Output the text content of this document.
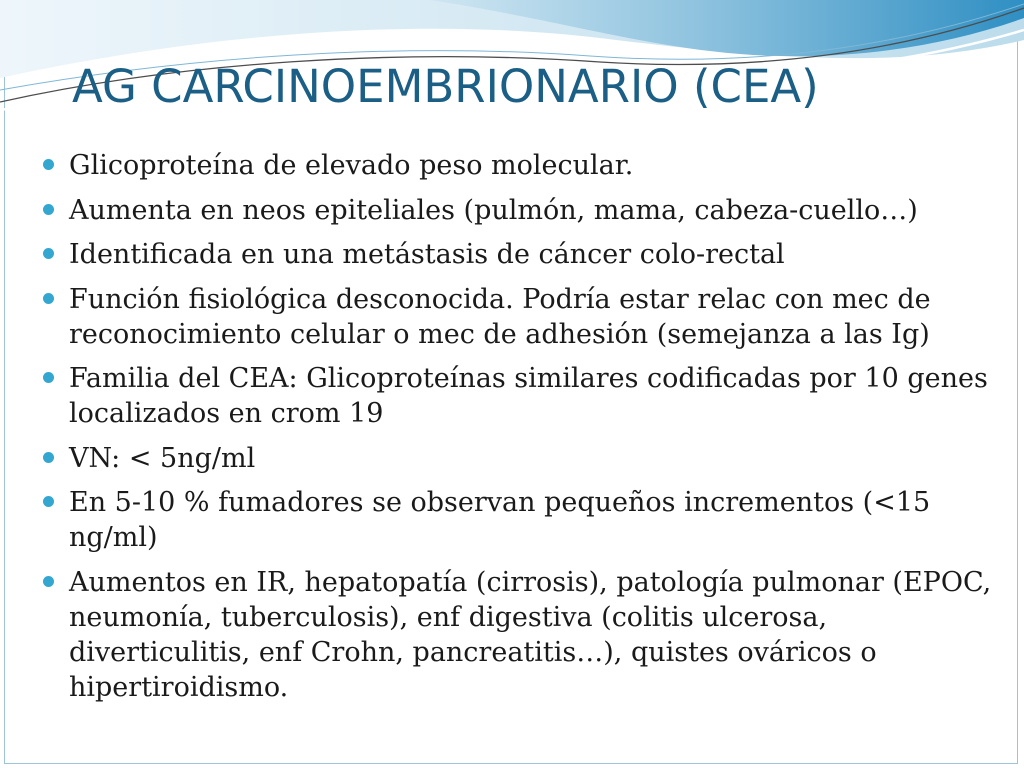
AG CARCINOEMBRIONARIO (CEA)
Glicoproteína de elevado peso molecular.
Aumenta en neos epiteliales (pulmón, mama, cabeza-cuello…)
Identificada en una metástasis de cáncer colo-rectal
Función fisiológica desconocida. Podría estar relac con mec de reconocimiento celular o mec de adhesión (semejanza a las Ig)
Familia del CEA: Glicoproteínas similares codificadas por 10 genes localizados en crom 19
VN: < 5ng/ml
En 5-10 % fumadores se observan pequeños incrementos (<15 ng/ml)
Aumentos en IR, hepatopatía (cirrosis), patología pulmonar (EPOC, neumonía, tuberculosis), enf digestiva (colitis ulcerosa, diverticulitis, enf Crohn, pancreatitis…), quistes ováricos o hipertiroidismo.
